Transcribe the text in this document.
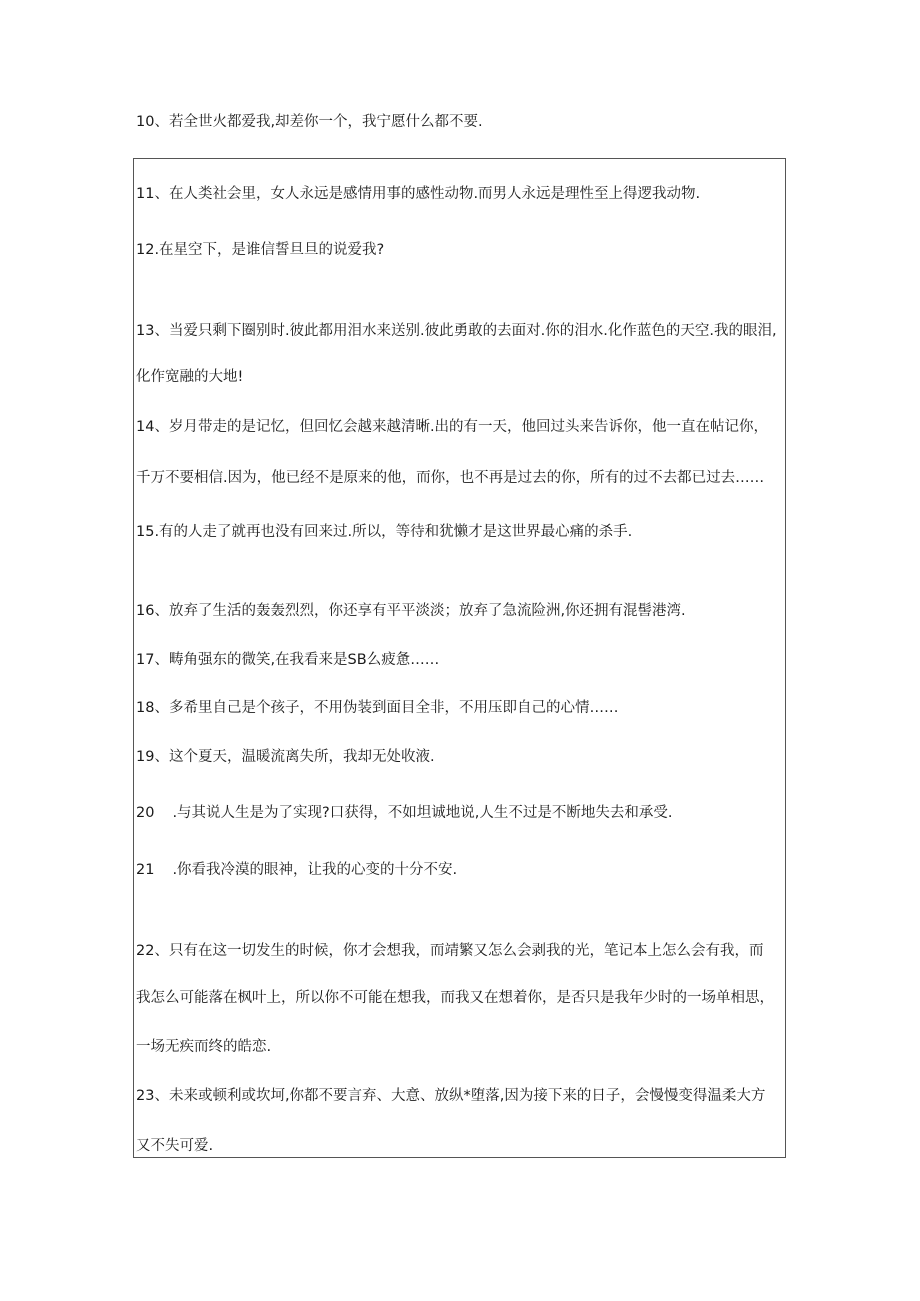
10、若全世火都爱我,却差你一个，我宁愿什么都不要.
11、在人类社会里，女人永远是感情用事的感性动物.而男人永远是理性至上得逻我动物.
12.在星空下，是谁信誓旦旦的说爱我?
13、当爱只剩下圈别时.彼此都用泪水来送别.彼此勇敢的去面对.你的泪水.化作蓝色的天空.我的眼泪,
化作宽融的大地!
14、岁月带走的是记忆，但回忆会越来越清晰.出的有一天，他回过头来告诉你，他一直在帖记你，
千万不要相信.因为，他已经不是原来的他，而你，也不再是过去的你，所有的过不去都已过去……
15.有的人走了就再也没有回来过.所以，等待和犹懒才是这世界最心痛的杀手.
16、放弃了生活的轰轰烈烈，你还享有平平淡淡；放弃了急流险洲,你还拥有混髻港湾.
17、畴角强东的微笑,在我看来是SB么疲惫……
18、多希里自己是个孩子，不用伪装到面目全非，不用压即自己的心情……
19、这个夏天，温暖流离失所，我却无处收液.
20 .与其说人生是为了实现?口获得，不如坦诚地说,人生不过是不断地失去和承受.
21 .你看我冷漠的眼神，让我的心变的十分不安.
22、只有在这一切发生的时候，你才会想我，而靖繁又怎么会剥我的光，笔记本上怎么会有我，而
我怎么可能落在枫叶上，所以你不可能在想我，而我又在想着你，是否只是我年少时的一场单相思，
一场无疾而终的皓恋.
23、未来或顿利或坎坷,你都不要言弃、大意、放纵*堕落,因为接下来的日子，会慢慢变得温柔大方
又不失可爱.
